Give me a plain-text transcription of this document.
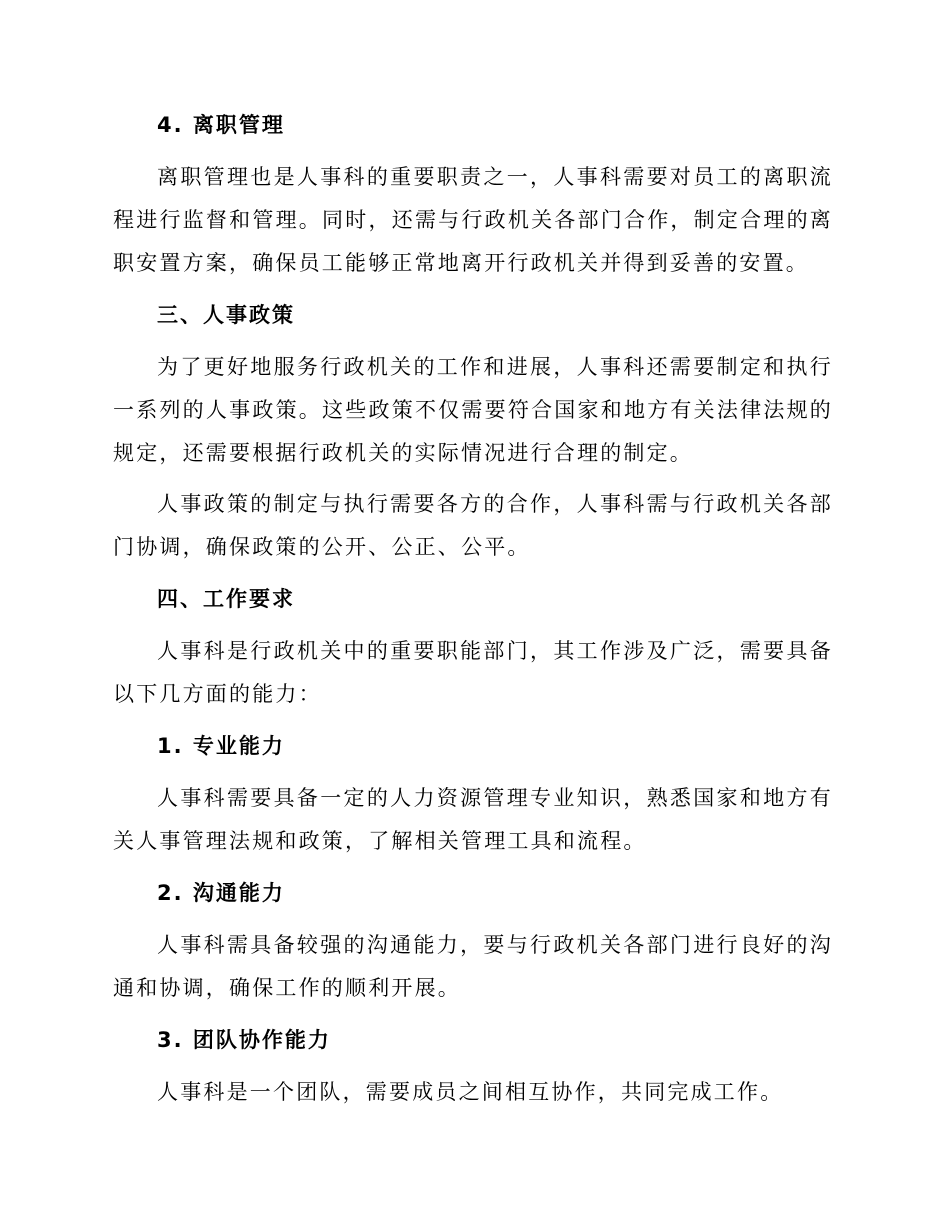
4. 离职管理

离职管理也是人事科的重要职责之一，人事科需要对员工的离职流程进行监督和管理。同时，还需与行政机关各部门合作，制定合理的离职安置方案，确保员工能够正常地离开行政机关并得到妥善的安置。

三、人事政策

为了更好地服务行政机关的工作和进展，人事科还需要制定和执行一系列的人事政策。这些政策不仅需要符合国家和地方有关法律法规的规定，还需要根据行政机关的实际情况进行合理的制定。

人事政策的制定与执行需要各方的合作，人事科需与行政机关各部门协调，确保政策的公开、公正、公平。

四、工作要求

人事科是行政机关中的重要职能部门，其工作涉及广泛，需要具备以下几方面的能力：

1. 专业能力

人事科需要具备一定的人力资源管理专业知识，熟悉国家和地方有关人事管理法规和政策，了解相关管理工具和流程。

2. 沟通能力

人事科需具备较强的沟通能力，要与行政机关各部门进行良好的沟通和协调，确保工作的顺利开展。

3. 团队协作能力

人事科是一个团队，需要成员之间相互协作，共同完成工作。
